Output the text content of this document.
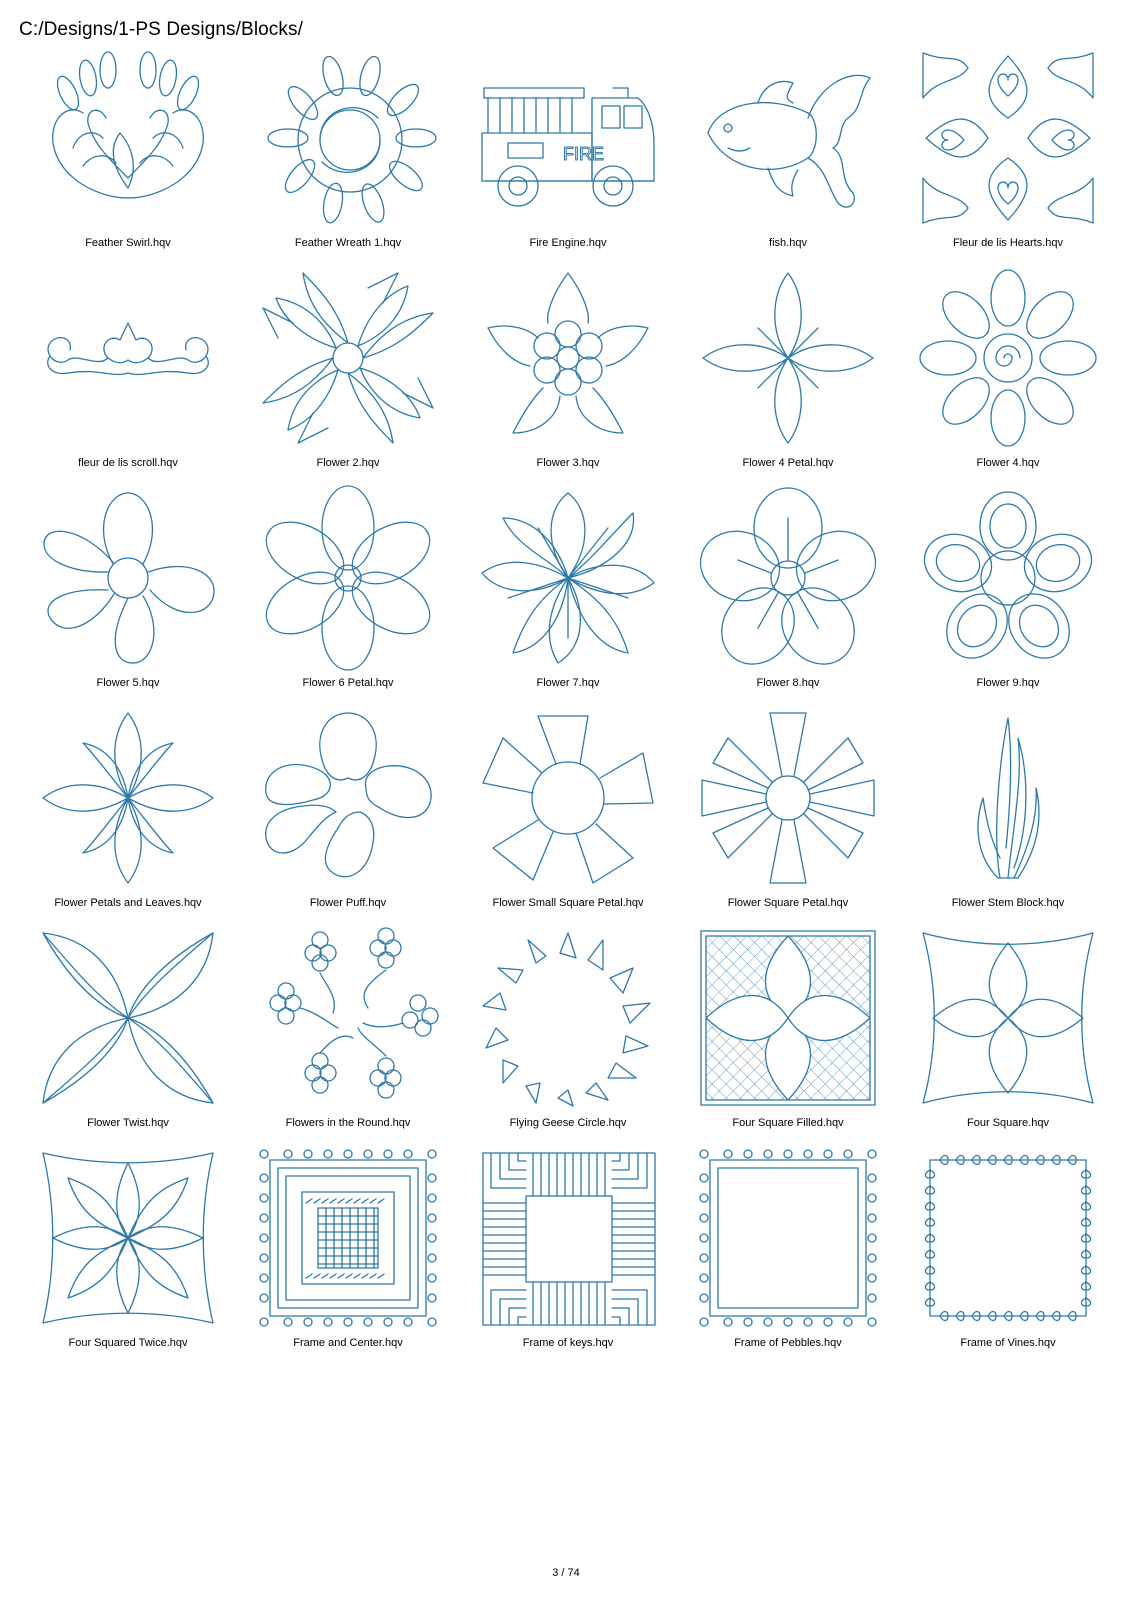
C:/Designs/1-PS Designs/Blocks/
Feather Swirl.hqv	Feather Wreath 1.hqv
FIRE
Fire Engine.hqv	fish.hqv	Fleur de lis Hearts.hqv
fleur de lis scroll.hqv	Flower 2.hqv	Flower 3.hqv	Flower 4 Petal.hqv	Flower 4.hqv
Flower 5.hqv	Flower 6 Petal.hqv	Flower 7.hqv	Flower 8.hqv	Flower 9.hqv
Flower Petals and Leaves.hqv	Flower Puff.hqv	Flower Small Square Petal.hqv	Flower Square Petal.hqv	Flower Stem Block.hqv
Flower Twist.hqv	Flowers in the Round.hqv	Flying Geese Circle.hqv	Four Square Filled.hqv	Four Square.hqv
Four Squared Twice.hqv	Frame and Center.hqv	Frame of keys.hqv	Frame of Pebbles.hqv	Frame of Vines.hqv
3 / 74
